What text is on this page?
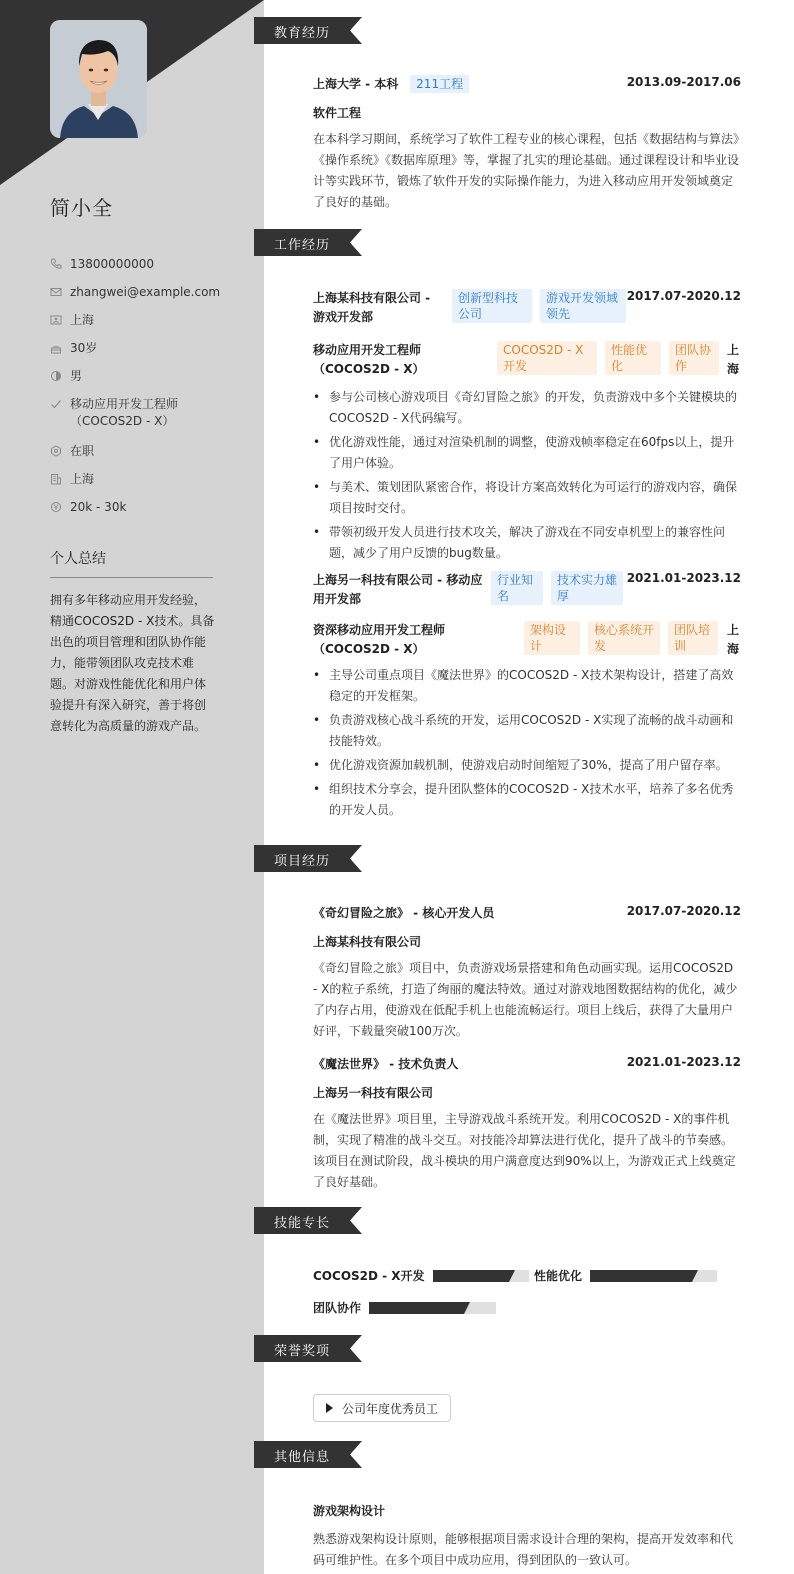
简小全
13800000000
zhangwei@example.com
上海
30岁
男
移动应用开发工程师（COCOS2D - X）
在职
上海
20k - 30k
个人总结
拥有多年移动应用开发经验，精通COCOS2D - X技术。具备出色的项目管理和团队协作能力，能带领团队攻克技术难题。对游戏性能优化和用户体验提升有深入研究，善于将创意转化为高质量的游戏产品。
教育经历
工作经历
项目经历
技能专长
荣誉奖项
其他信息
上海大学 - 本科 211工程	2013.09-2017.06
软件工程
在本科学习期间，系统学习了软件工程专业的核心课程，包括《数据结构与算法》《操作系统》《数据库原理》等，掌握了扎实的理论基础。通过课程设计和毕业设计等实践环节，锻炼了软件开发的实际操作能力，为进入移动应用开发领域奠定了良好的基础。
上海某科技有限公司 - 游戏开发部
创新型科技公司
游戏开发领域领先
2017.07-2020.12
移动应用开发工程师（COCOS2D - X）
COCOS2D - X开发
性能优化
团队协作
上海
• 参与公司核心游戏项目《奇幻冒险之旅》的开发，负责游戏中多个关键模块的COCOS2D - X代码编写。
• 优化游戏性能，通过对渲染机制的调整，使游戏帧率稳定在60fps以上，提升了用户体验。
• 与美术、策划团队紧密合作，将设计方案高效转化为可运行的游戏内容，确保项目按时交付。
• 带领初级开发人员进行技术攻关，解决了游戏在不同安卓机型上的兼容性问题，减少了用户反馈的bug数量。
上海另一科技有限公司 - 移动应用开发部
行业知名
技术实力雄厚
2021.01-2023.12
资深移动应用开发工程师（COCOS2D - X）
架构设计
核心系统开发
团队培训
上海
• 主导公司重点项目《魔法世界》的COCOS2D - X技术架构设计，搭建了高效稳定的开发框架。
• 负责游戏核心战斗系统的开发，运用COCOS2D - X实现了流畅的战斗动画和技能特效。
• 优化游戏资源加载机制，使游戏启动时间缩短了30%，提高了用户留存率。
• 组织技术分享会，提升团队整体的COCOS2D - X技术水平，培养了多名优秀的开发人员。
《奇幻冒险之旅》 - 核心开发人员	2017.07-2020.12
上海某科技有限公司
《奇幻冒险之旅》项目中，负责游戏场景搭建和角色动画实现。运用COCOS2D - X的粒子系统，打造了绚丽的魔法特效。通过对游戏地图数据结构的优化，减少了内存占用，使游戏在低配手机上也能流畅运行。项目上线后，获得了大量用户好评，下载量突破100万次。
《魔法世界》 - 技术负责人	2021.01-2023.12
上海另一科技有限公司
在《魔法世界》项目里，主导游戏战斗系统开发。利用COCOS2D - X的事件机制，实现了精准的战斗交互。对技能冷却算法进行优化，提升了战斗的节奏感。该项目在测试阶段，战斗模块的用户满意度达到90%以上，为游戏正式上线奠定了良好基础。
COCOS2D - X开发	性能优化
团队协作
公司年度优秀员工
游戏架构设计
熟悉游戏架构设计原则，能够根据项目需求设计合理的架构，提高开发效率和代码可维护性。在多个项目中成功应用，得到团队的一致认可。
